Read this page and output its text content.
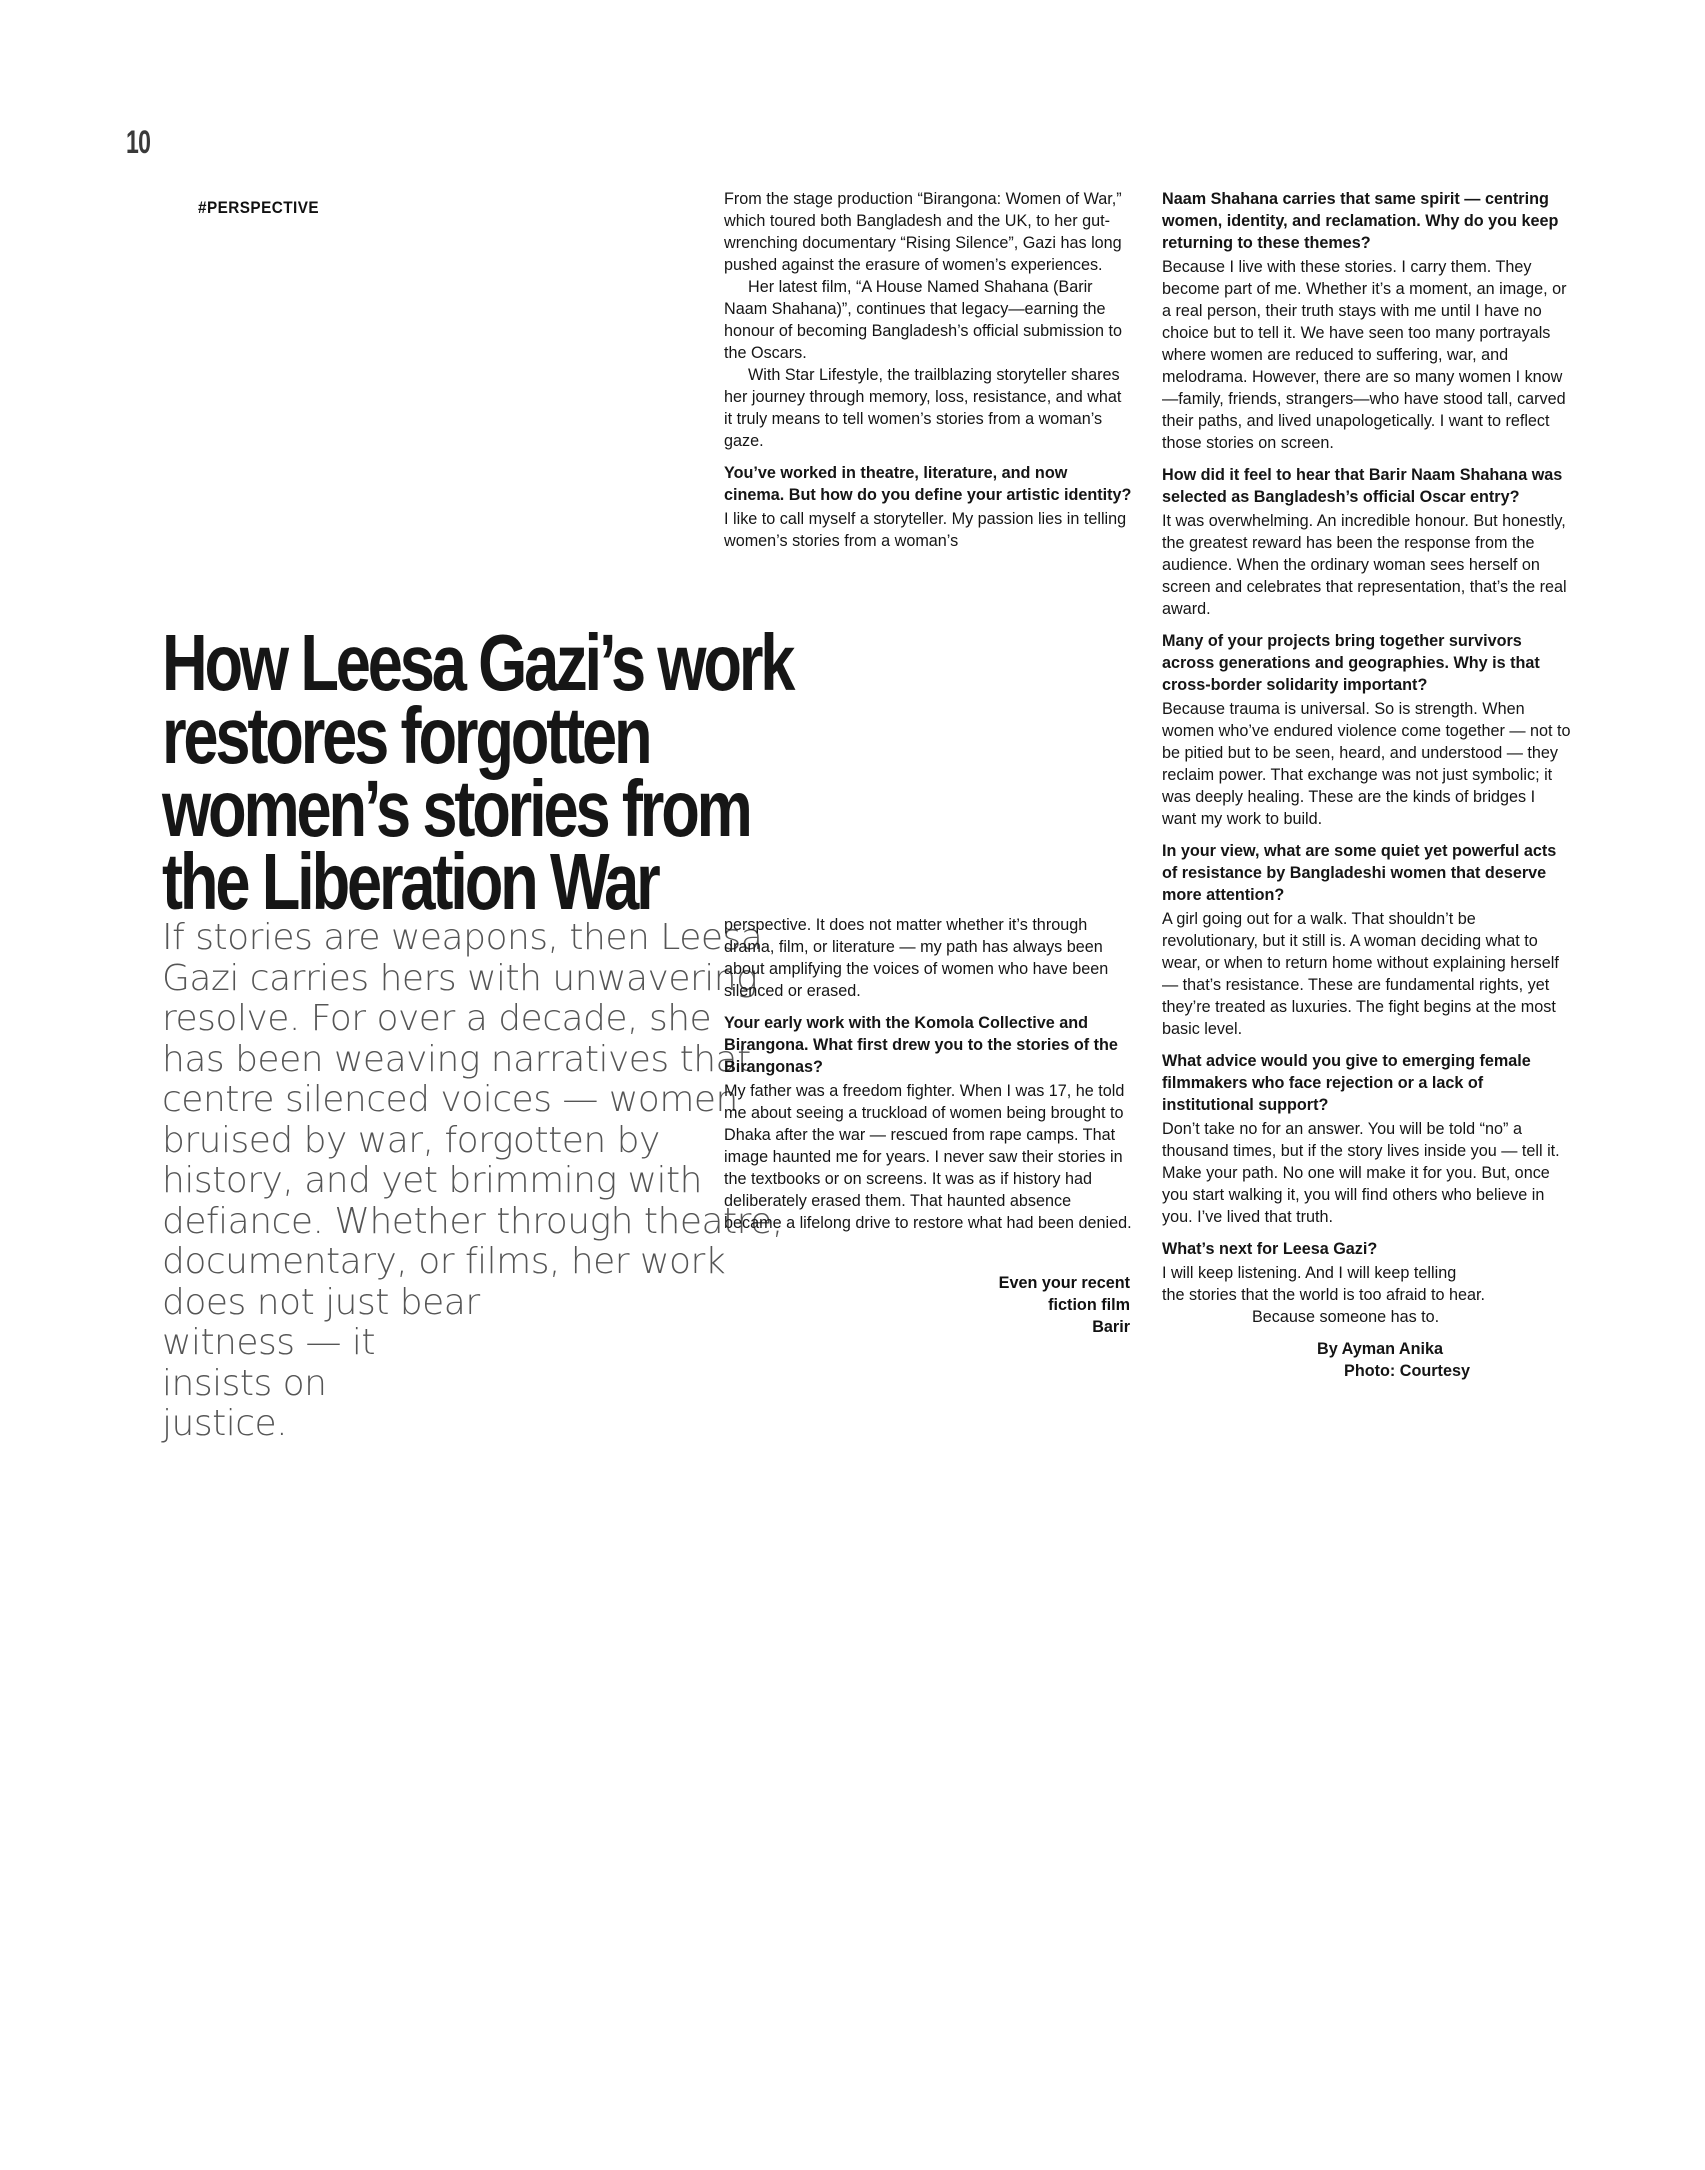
10
#PERSPECTIVE
How Leesa Gazi’s work
restores forgotten
women’s stories from
the Liberation War
If stories are weapons, then Leesa
Gazi carries hers with unwavering
resolve. For over a decade, she
has been weaving narratives that
centre silenced voices — women
bruised by war, forgotten by
history, and yet brimming with
defiance. Whether through theatre,
documentary, or films, her work
does not just bear
witness — it
insists on
justice.

From the stage production “Birangona: Women of War,” which toured both Bangladesh and the UK, to her gut-wrenching documentary “Rising Silence”, Gazi has long pushed against the erasure of women’s experiences.

Her latest film, “A House Named Shahana (Barir Naam Shahana)”, continues that legacy—earning the honour of becoming Bangladesh’s official submission to the Oscars.

With Star Lifestyle, the trailblazing storyteller shares her journey through memory, loss, resistance, and what it truly means to tell women’s stories from a woman’s gaze.

You’ve worked in theatre, literature, and now cinema. But how do you define your artistic identity?

I like to call myself a storyteller. My passion lies in telling women’s stories from a woman’s

perspective. It does not matter whether it’s through drama, film, or literature — my path has always been about amplifying the voices of women who have been silenced or erased.

Your early work with the Komola Collective and Birangona. What first drew you to the stories of the Birangonas?

My father was a freedom fighter. When I was 17, he told me about seeing a truckload of women being brought to Dhaka after the war — rescued from rape camps. That image haunted me for years. I never saw their stories in the textbooks or on screens. It was as if history had deliberately erased them. That haunted absence became a lifelong drive to restore what had been denied.

Even your recent
fiction film
Barir

Naam Shahana carries that same spirit — centring women, identity, and reclamation. Why do you keep returning to these themes?

Because I live with these stories. I carry them. They become part of me. Whether it’s a moment, an image, or a real person, their truth stays with me until I have no choice but to tell it. We have seen too many portrayals where women are reduced to suffering, war, and melodrama. However, there are so many women I know—family, friends, strangers—who have stood tall, carved their paths, and lived unapologetically. I want to reflect those stories on screen.

How did it feel to hear that Barir Naam Shahana was selected as Bangladesh’s official Oscar entry?

It was overwhelming. An incredible honour. But honestly, the greatest reward has been the response from the audience. When the ordinary woman sees herself on screen and celebrates that representation, that’s the real award.

Many of your projects bring together survivors across generations and geographies. Why is that cross-border solidarity important?

Because trauma is universal. So is strength. When women who’ve endured violence come together — not to be pitied but to be seen, heard, and understood — they reclaim power. That exchange was not just symbolic; it was deeply healing. These are the kinds of bridges I want my work to build.

In your view, what are some quiet yet powerful acts of resistance by Bangladeshi women that deserve more attention?

A girl going out for a walk. That shouldn’t be revolutionary, but it still is. A woman deciding what to wear, or when to return home without explaining herself — that’s resistance. These are fundamental rights, yet they’re treated as luxuries. The fight begins at the most basic level.

What advice would you give to emerging female filmmakers who face rejection or a lack of institutional support?

Don’t take no for an answer. You will be told “no” a thousand times, but if the story lives inside you — tell it. Make your path. No one will make it for you. But, once you start walking it, you will find others who believe in you. I’ve lived that truth.

What’s next for Leesa Gazi?

I will keep listening. And I will keep telling
the stories that the world is too afraid to hear.
Because someone has to.
By Ayman Anika
Photo: Courtesy
